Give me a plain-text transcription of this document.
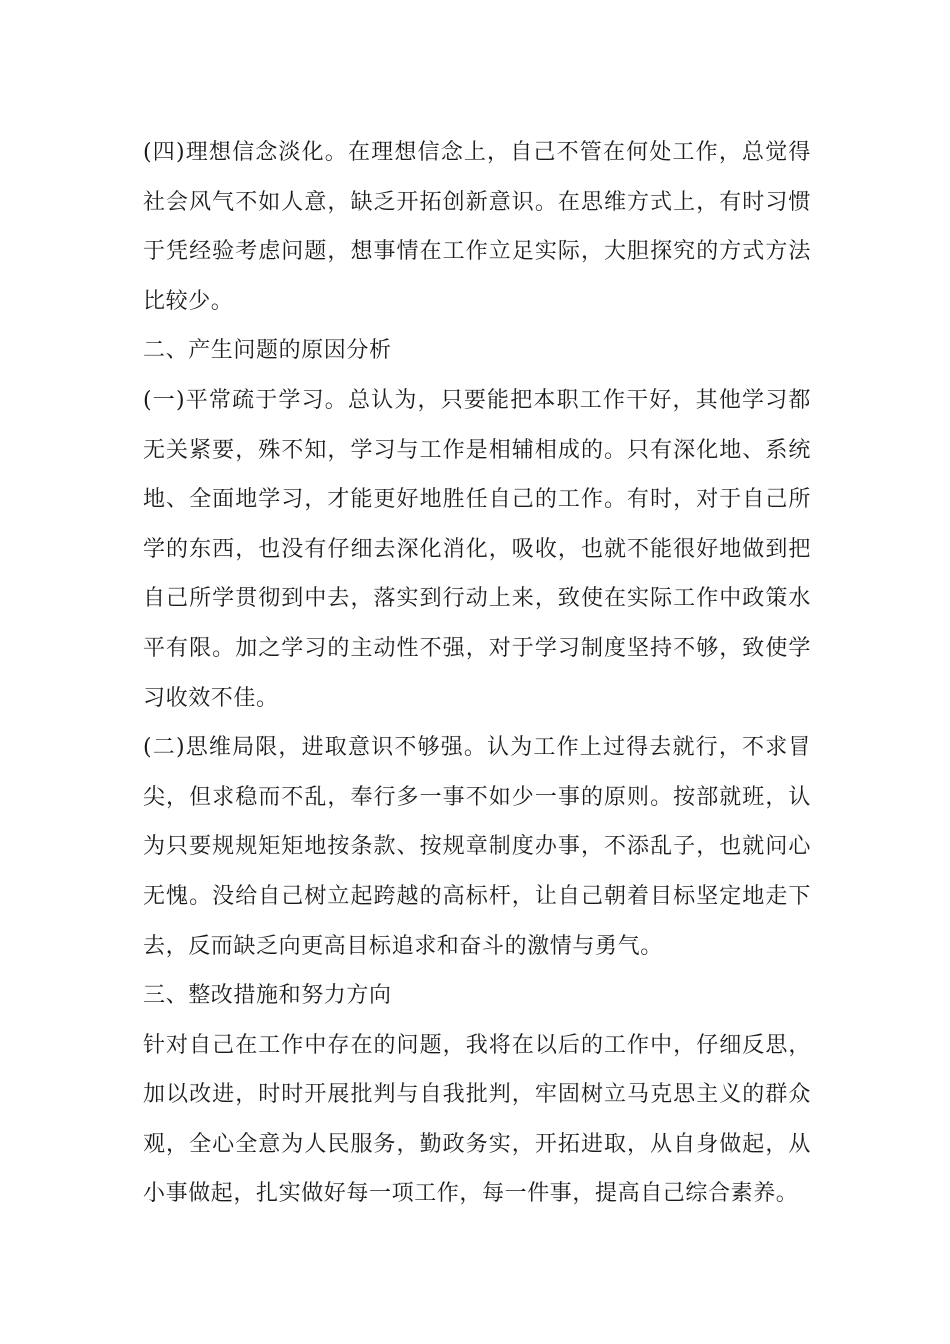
(四)理想信念淡化。在理想信念上，自己不管在何处工作，总觉得社会风气不如人意，缺乏开拓创新意识。在思维方式上，有时习惯于凭经验考虑问题，想事情在工作立足实际，大胆探究的方式方法比较少。

二、产生问题的原因分析

(一)平常疏于学习。总认为，只要能把本职工作干好，其他学习都无关紧要，殊不知，学习与工作是相辅相成的。只有深化地、系统地、全面地学习，才能更好地胜任自己的工作。有时，对于自己所学的东西，也没有仔细去深化消化，吸收，也就不能很好地做到把自己所学贯彻到中去，落实到行动上来，致使在实际工作中政策水平有限。加之学习的主动性不强，对于学习制度坚持不够，致使学习收效不佳。

(二)思维局限，进取意识不够强。认为工作上过得去就行，不求冒尖，但求稳而不乱，奉行多一事不如少一事的原则。按部就班，认为只要规规矩矩地按条款、按规章制度办事，不添乱子，也就问心无愧。没给自己树立起跨越的高标杆，让自己朝着目标坚定地走下去，反而缺乏向更高目标追求和奋斗的激情与勇气。

三、整改措施和努力方向

针对自己在工作中存在的问题，我将在以后的工作中，仔细反思，加以改进，时时开展批判与自我批判，牢固树立马克思主义的群众观，全心全意为人民服务，勤政务实，开拓进取，从自身做起，从小事做起，扎实做好每一项工作，每一件事，提高自己综合素养。
